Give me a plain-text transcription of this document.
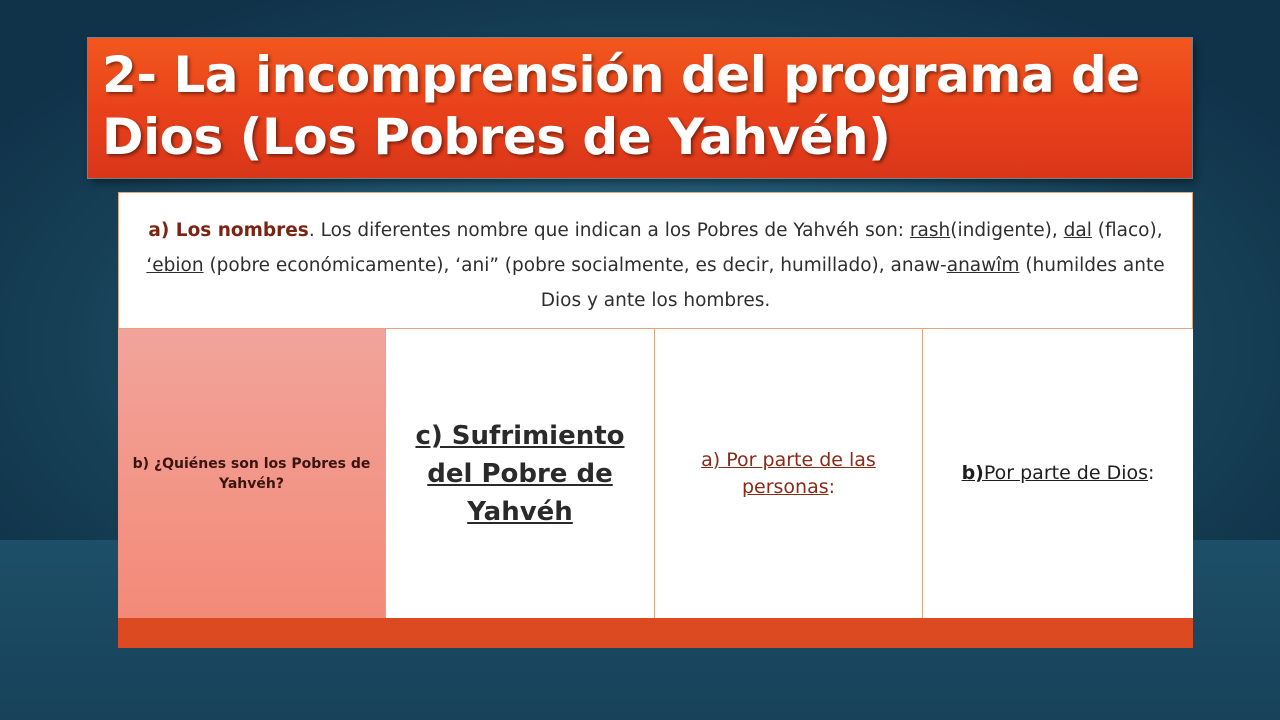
2- La incomprensión del programa de Dios (Los Pobres de Yahvéh)
a) Los nombres. Los diferentes nombre que indican a los Pobres de Yahvéh son: rash(indigente), dal (flaco), ‘ebion (pobre económicamente), ‘ani” (pobre socialmente, es decir, humillado), anaw-anawîm (humildes ante Dios y ante los hombres.
b) ¿Quiénes son los Pobres de Yahvéh?
c) Sufrimiento del Pobre de Yahvéh
a) Por parte de las personas:
b)Por parte de Dios:
